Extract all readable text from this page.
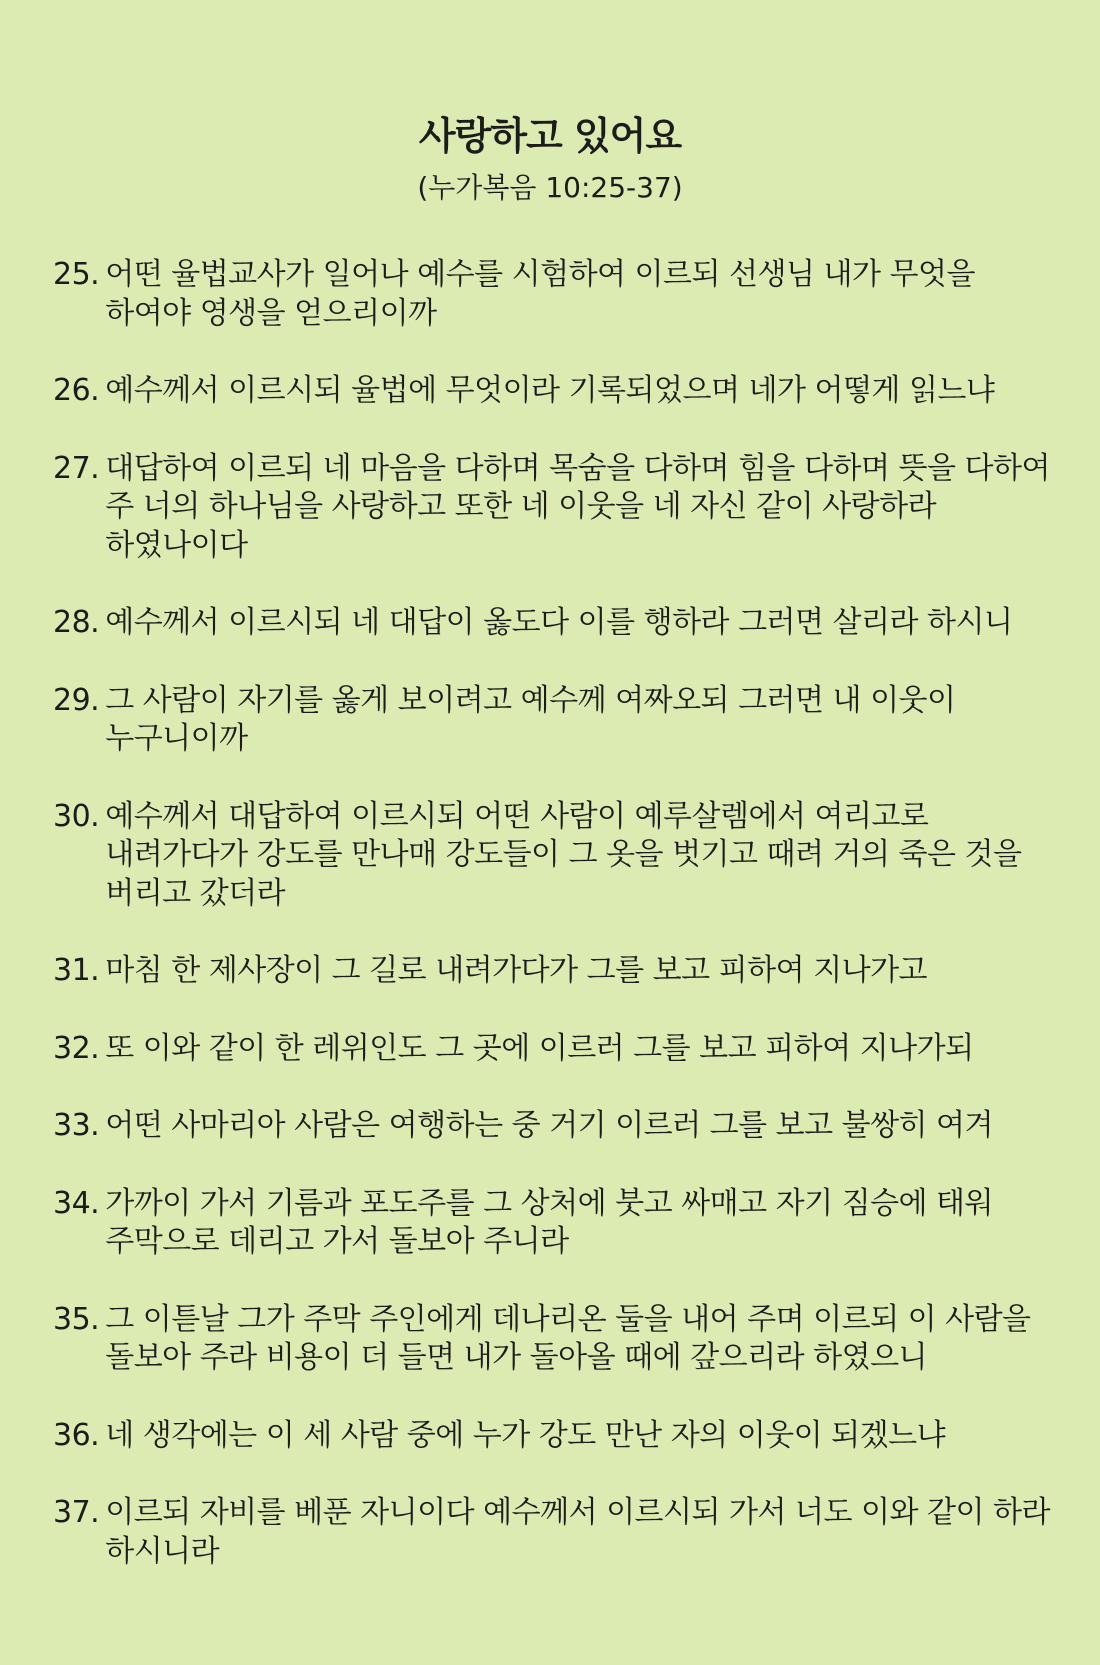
사랑하고 있어요
(누가복음 10:25-37)
25. 어떤 율법교사가 일어나 예수를 시험하여 이르되 선생님 내가 무엇을 하여야 영생을 얻으리이까
26. 예수께서 이르시되 율법에 무엇이라 기록되었으며 네가 어떻게 읽느냐
27. 대답하여 이르되 네 마음을 다하며 목숨을 다하며 힘을 다하며 뜻을 다하여 주 너의 하나님을 사랑하고 또한 네 이웃을 네 자신 같이 사랑하라 하였나이다
28. 예수께서 이르시되 네 대답이 옳도다 이를 행하라 그러면 살리라 하시니
29. 그 사람이 자기를 옳게 보이려고 예수께 여짜오되 그러면 내 이웃이 누구니이까
30. 예수께서 대답하여 이르시되 어떤 사람이 예루살렘에서 여리고로 내려가다가 강도를 만나매 강도들이 그 옷을 벗기고 때려 거의 죽은 것을 버리고 갔더라
31. 마침 한 제사장이 그 길로 내려가다가 그를 보고 피하여 지나가고
32. 또 이와 같이 한 레위인도 그 곳에 이르러 그를 보고 피하여 지나가되
33. 어떤 사마리아 사람은 여행하는 중 거기 이르러 그를 보고 불쌍히 여겨
34. 가까이 가서 기름과 포도주를 그 상처에 붓고 싸매고 자기 짐승에 태워 주막으로 데리고 가서 돌보아 주니라
35. 그 이튿날 그가 주막 주인에게 데나리온 둘을 내어 주며 이르되 이 사람을 돌보아 주라 비용이 더 들면 내가 돌아올 때에 갚으리라 하였으니
36. 네 생각에는 이 세 사람 중에 누가 강도 만난 자의 이웃이 되겠느냐
37. 이르되 자비를 베푼 자니이다 예수께서 이르시되 가서 너도 이와 같이 하라 하시니라
